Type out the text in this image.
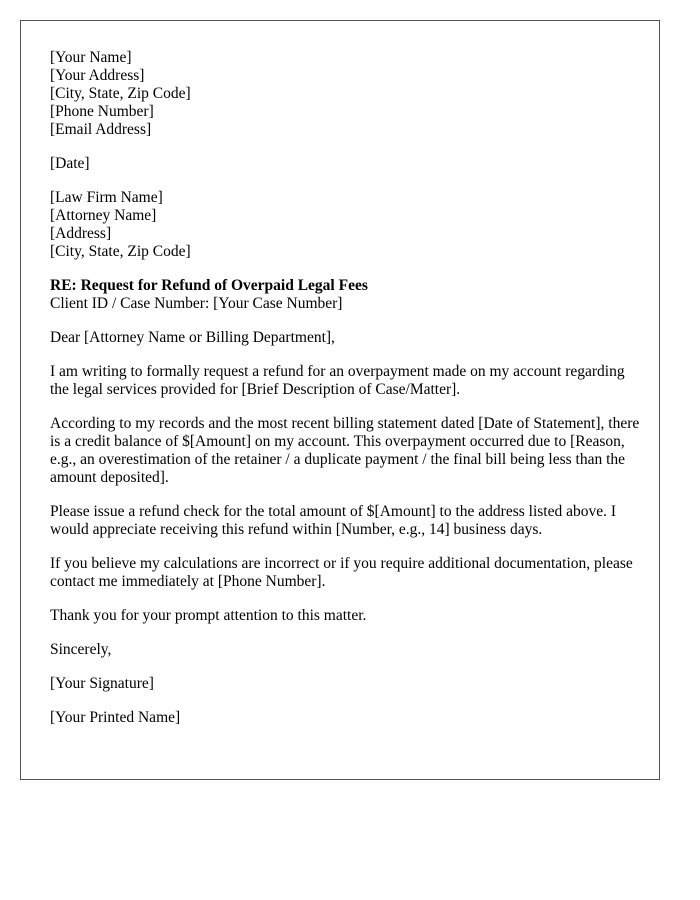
[Your Name]
[Your Address]
[City, State, Zip Code]
[Phone Number]
[Email Address]
[Date]
[Law Firm Name]
[Attorney Name]
[Address]
[City, State, Zip Code]
RE: Request for Refund of Overpaid Legal Fees
Client ID / Case Number: [Your Case Number]

Dear [Attorney Name or Billing Department],

I am writing to formally request a refund for an overpayment made on my account regarding the legal services provided for [Brief Description of Case/Matter].

According to my records and the most recent billing statement dated [Date of Statement], there is a credit balance of $[Amount] on my account. This overpayment occurred due to [Reason, e.g., an overestimation of the retainer / a duplicate payment / the final bill being less than the amount deposited].

Please issue a refund check for the total amount of $[Amount] to the address listed above. I would appreciate receiving this refund within [Number, e.g., 14] business days.

If you believe my calculations are incorrect or if you require additional documentation, please contact me immediately at [Phone Number].

Thank you for your prompt attention to this matter.

Sincerely,

[Your Signature]

[Your Printed Name]
